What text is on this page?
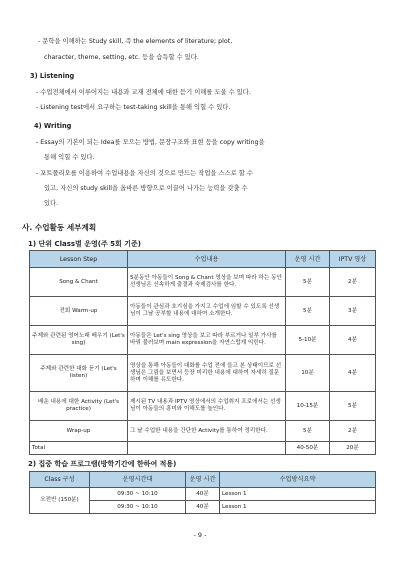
- 문학을 이해하는 Study skill, 즉 the elements of literature; plot,
character, theme, setting, etc. 등을 습득할 수 있다.
3) Listening
- 수업전체에서 이루어지는 내용과 교재 전체에 대한 듣기 이해를 도울 수 있다.
- Listening test에서 요구하는 test-taking skill을 통해 익힐 수 있다.
4) Writing
- Essay의 기본이 되는 Idea를 모으는 방법, 문장구조와 표현 등을 copy writing을
통해 익힐 수 있다.
- 포트폴리오를 이용하여 수업내용을 자신의 것으로 만드는 작업을 스스로 할 수
있고, 자신의 study skill을 올바른 방향으로 이끌어 나가는 능력을 갖출 수
있다.
사. 수업활동 세부계획
1) 단위 Class별 운영(주 5회 기준)
Lesson Step	수업내용	운영 시간	IPTV 영상
Song & Chant	5분동안 아동들이 Song & Chant 영상을 보며 따라 하는 동안 선생님은 신속하게 출결과 숙제검사를 한다.	5분	2분
전회 Warm-up	아동들이 관심과 호기심을 가지고 수업에 임할 수 있도록 선생님이 그날 공부할 내용에 대하여 소개한다.	5분	3분
주제와 관련된 영어노래 배우기 (Let's sing)	아동들은 Let's sing 영상을 보고 따라 부르거나 일부 가사를 바꿔 불러보며 main expression을 자연스럽게 익힌다.	5-10분	4분
주제와 관련한 대화 듣기 (Let's listen)	영상을 통해 아동들이 대화를 수업 전에 들고 본 상태이므로 선생님은 그림을 보면서 등장 미리한 내용에 대하여 자세히 질문하며 이해를 유도한다.	10분	4분
배운 내용에 대한 Activity (Let's practice)	제시된 TV 내용과 IPTV 영상에서의 수업취지 프로에서는 선생님이 아동들의 흥미와 이해도를 높인다.	10-15분	5분
Wrap-up	그 날 수업한 내용을 간단한 Activity를 통하여 정리한다.	5분	2분
Total		40-50분	20분
2) 집중 학습 프로그램(방학기간에 한하여 적용)
Class 구성	운영시간대	운영 시간	수업방식요약
오전반 (150분)	09:30 ~ 10:10	40분	Lesson 1
	09:30 ~ 10:10	40분	Lesson 1
- 9 -
